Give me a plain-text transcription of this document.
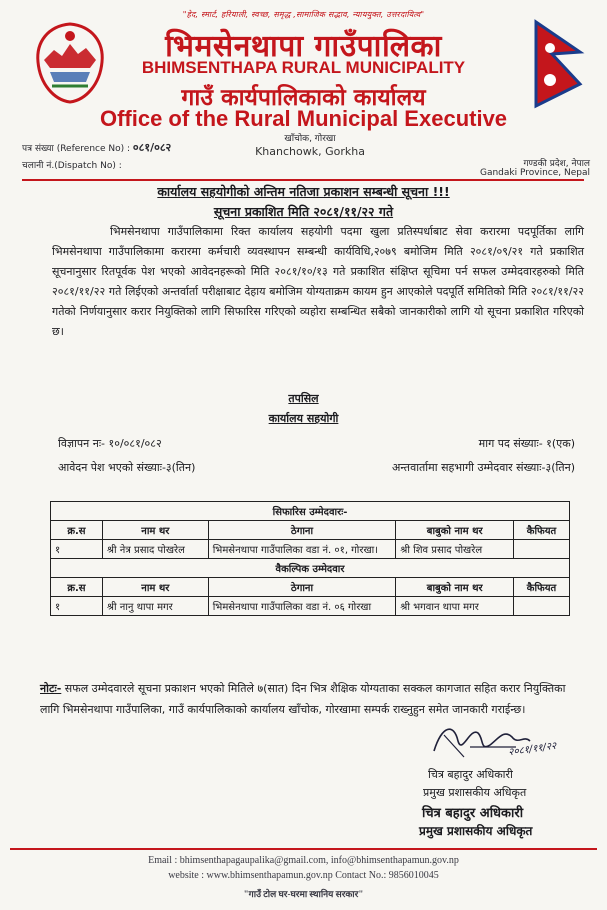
"हेद, स्मार्ट, हरियाली, स्वच्छ, समृद्ध ,सामाजिक सद्भाव, न्याययुक्त, उत्तरदायित्व"
भिमसेनथापा गाउँपालिका
BHIMSENTHAPA RURAL MUNICIPALITY
गाउँ कार्यपालिकाको कार्यालय
Office of the Rural Municipal Executive
खाँचोक, गोरखा
Khanchowk, Gorkha
पत्र संख्या (Reference No) : ०८१/०८२
चलानी नं.(Dispatch No) :	गण्डकी प्रदेश, नेपाल
Gandaki Province, Nepal
कार्यालय सहयोगीको अन्तिम नतिजा प्रकाशन सम्बन्धी सूचना !!!
सूचना प्रकाशित मिति २०८१/११/२२ गते
भिमसेनथापा गाउँपालिकामा रिक्त कार्यालय सहयोगी पदमा खुला प्रतिस्पर्धाबाट सेवा करारमा पदपूर्तिका लागि भिमसेनथापा गाउँपालिकामा करारमा कर्मचारी व्यवस्थापन सम्बन्धी कार्यविधि,२०७९ बमोजिम मिति २०८१/०९/२१ गते प्रकाशित सूचनानुसार रितपूर्वक पेश भएको आवेदनहरूको मिति २०८१/१०/१३ गते प्रकाशित संक्षिप्त सूचिमा पर्न सफल उम्मेदवारहरुको मिति २०८१/११/२२ गते लिईएको अन्तर्वार्ता परीक्षाबाट देहाय बमोजिम योग्यताक्रम कायम हुन आएकोले पदपूर्ति समितिको मिति २०८१/११/२२ गतेको निर्णयानुसार करार नियुक्तिको लागि सिफारिस गरिएको व्यहोरा सम्बन्धित सबैको जानकारीको लागि यो सूचना प्रकाशित गरिएको छ।
तपसिल
कार्यालय सहयोगी
विज्ञापन नः- १०/०८१/०८२	माग पद संख्याः- १(एक)
आवेदन पेश भएको संख्याः-३(तिन)	अन्तवार्तामा सहभागी उम्मेदवार संख्याः-३(तिन)
सिफारिस उम्मेदवारः-				
क्र.स	नाम थर	ठेगाना	बाबुको नाम थर	कैफियत
१	श्री नेत्र प्रसाद पोखरेल	भिमसेनथापा गाउँपालिका वडा नं. ०१, गोरखा।	श्री शिव प्रसाद पोखरेल	
वैकल्पिक उम्मेदवार				
क्र.स	नाम थर	ठेगाना	बाबुको नाम थर	कैफियत
१	श्री नानु थापा मगर	भिमसेनथापा गाउँपालिका वडा नं. ०६ गोरखा	श्री भगवान थापा मगर	
नोटः- सफल उम्मेदवारले सूचना प्रकाशन भएको मितिले ७(सात) दिन भित्र शैक्षिक योग्यताका सक्कल कागजात सहित करार नियुक्तिका लागि भिमसेनथापा गाउँपालिका, गाउँ कार्यपालिकाको कार्यालय खाँचोक, गोरखामा सम्पर्क राख्नुहुन समेत जानकारी गराईन्छ।
२०८१/११/२२
चित्र बहादुर अधिकारी
प्रमुख प्रशासकीय अधिकृत
चित्र बहादुर अधिकारी
प्रमुख प्रशासकीय अधिकृत
Email : bhimsenthapagaupalika@gmail.com, info@bhimsenthapamun.gov.np
website : www.bhimsenthapamun.gov.np Contact No.: 9856010045
"गाउँ टोल घर-घरमा स्थानिय सरकार"
